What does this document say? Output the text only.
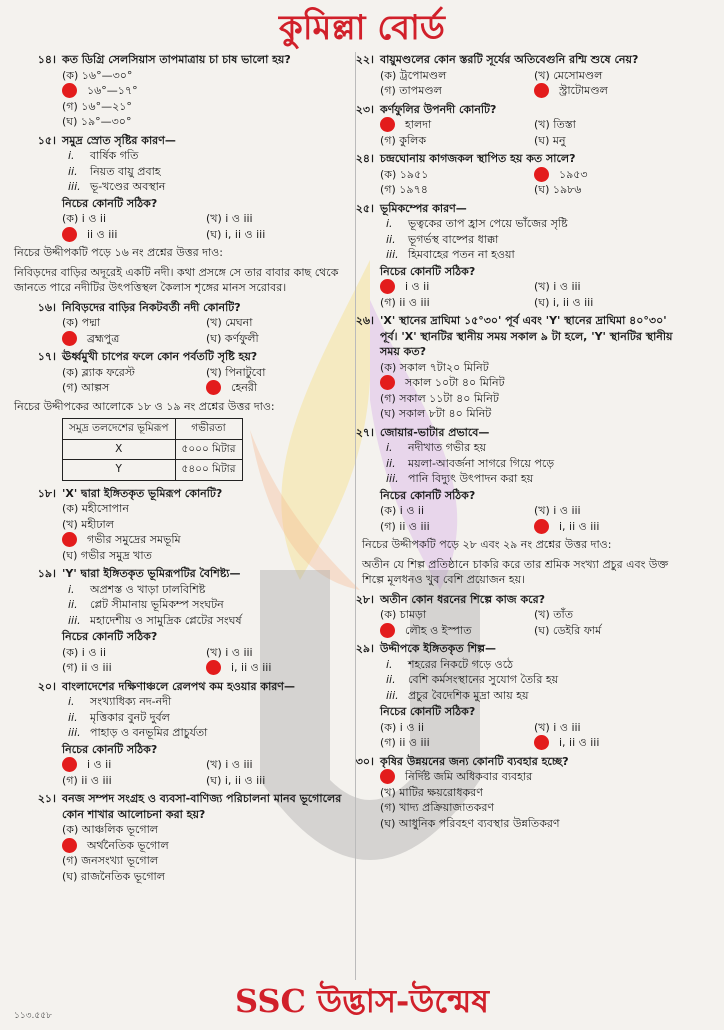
কুমিল্লা বোর্ড
১৪। কত ডিগ্রি সেলসিয়াস তাপমাত্রায় চা চাষ ভালো হয়?
(ক) ১৬°—৩০°
১৬°—১৭°
(গ) ১৬°—২১°
(ঘ) ১৯°—৩০°
১৫। সমুদ্র স্রোত সৃষ্টির কারণ—
i. বার্ষিক গতি
ii. নিয়ত বায়ু প্রবাহ
iii. ভূ-খণ্ডের অবস্থান
নিচের কোনটি সঠিক?
(ক) i ও ii	(খ) i ও iii
ii ও iii	(ঘ) i, ii ও iii
নিচের উদ্দীপকটি পড়ে ১৬ নং প্রশ্নের উত্তর দাও:
নিবিড়দের বাড়ির অদূরেই একটি নদী। কথা প্রসঙ্গে সে তার বাবার কাছ থেকে জানতে পারে নদীটির উৎপত্তিস্থল কৈলাস শৃঙ্গের মানস সরোবর।
১৬। নিবিড়দের বাড়ির নিকটবর্তী নদী কোনটি?
(ক) পদ্মা	(খ) মেঘনা
ব্রহ্মপুত্র	(ঘ) কর্ণফুলী
১৭। ঊর্ধ্বমুখী চাপের ফলে কোন পর্বতটি সৃষ্টি হয়?
(ক) ব্ল্যাক ফরেস্ট	(খ) পিনাটুবো
(গ) আল্পস	হেনরী
নিচের উদ্দীপকের আলোকে ১৮ ও ১৯ নং প্রশ্নের উত্তর দাও:
সমুদ্র তলদেশের ভূমিরূপ	গভীরতা
X	৫০০০ মিটার
Y	৫৪০০ মিটার
১৮। 'X' দ্বারা ইঙ্গিতকৃত ভূমিরূপ কোনটি?
(ক) মহীসোপান
(খ) মহীঢাল
গভীর সমুদ্রের সমভূমি
(ঘ) গভীর সমুদ্র খাত
১৯। 'Y' দ্বারা ইঙ্গিতকৃত ভূমিরূপটির বৈশিষ্ট্য—
i. অপ্রশস্ত ও খাড়া ঢালবিশিষ্ট
ii. প্লেট সীমানায় ভূমিকম্প সংঘটন
iii. মহাদেশীয় ও সামুদ্রিক প্লেটের সংঘর্ষ
নিচের কোনটি সঠিক?
(ক) i ও ii	(খ) i ও iii
(গ) ii ও iii	i, ii ও iii
২০। বাংলাদেশের দক্ষিণাঞ্চলে রেলপথ কম হওয়ার কারণ—
i. সংখ্যাধিক্য নদ-নদী
ii. মৃত্তিকার বুনট দুর্বল
iii. পাহাড় ও বনভূমির প্রাচুর্যতা
নিচের কোনটি সঠিক?
i ও ii	(খ) i ও iii
(গ) ii ও iii	(ঘ) i, ii ও iii
২১। বনজ সম্পদ সংগ্রহ ও ব্যবসা-বাণিজ্য পরিচালনা মানব ভূগোলের কোন শাখার আলোচনা করা হয়?
(ক) আঞ্চলিক ভূগোল
অর্থনৈতিক ভূগোল
(গ) জনসংখ্যা ভূগোল
(ঘ) রাজনৈতিক ভূগোল
২২। বায়ুমণ্ডলের কোন স্তরটি সূর্যের অতিবেগুনি রশ্মি শুষে নেয়?
(ক) ট্রপোমণ্ডল	(খ) মেসোমণ্ডল
(গ) তাপমণ্ডল	স্ট্রাটোমণ্ডল
২৩। কর্ণফুলির উপনদী কোনটি?
হালদা	(খ) তিস্তা
(গ) কুলিক	(ঘ) মনু
২৪। চন্দ্রঘোনায় কাগজকল স্থাপিত হয় কত সালে?
(ক) ১৯৫১	১৯৫৩
(গ) ১৯৭৪	(ঘ) ১৯৮৬
২৫। ভূমিকম্পের কারণ—
i. ভূত্বকের তাপ হ্রাস পেয়ে ভাঁজের সৃষ্টি
ii. ভূগর্ভস্থ বাষ্পের ধাক্কা
iii. হিমবাহের পতন না হওয়া
নিচের কোনটি সঠিক?
i ও ii	(খ) i ও iii
(গ) ii ও iii	(ঘ) i, ii ও iii
২৬। 'X' স্থানের দ্রাঘিমা ১৫°৩০' পূর্ব এবং 'Y' স্থানের দ্রাঘিমা ৪০°৩০' পূর্ব। 'X' স্থানটির স্থানীয় সময় সকাল ৯ টা হলে, 'Y' স্থানটির স্থানীয় সময় কত?
(ক) সকাল ৭টা২০ মিনিট
সকাল ১০টা ৪০ মিনিট
(গ) সকাল ১১টা ৪০ মিনিট
(ঘ) সকাল ৮টা ৪০ মিনিট
২৭। জোয়ার-ভাটার প্রভাবে—
i. নদীখাত গভীর হয়
ii. ময়লা-আবর্জনা সাগরে গিয়ে পড়ে
iii. পানি বিদ্যুৎ উৎপাদন করা হয়
নিচের কোনটি সঠিক?
(ক) i ও ii	(খ) i ও iii
(গ) ii ও iii	i, ii ও iii
নিচের উদ্দীপকটি পড়ে ২৮ এবং ২৯ নং প্রশ্নের উত্তর দাও:
অতীন যে শিল্প প্রতিষ্ঠানে চাকরি করে তার শ্রমিক সংখ্যা প্রচুর এবং উক্ত শিল্পে মূলধনও খুব বেশি প্রয়োজন হয়।
২৮। অতীন কোন ধরনের শিল্পে কাজ করে?
(ক) চামড়া	(খ) তাঁত
লৌহ ও ইস্পাত	(ঘ) ডেইরি ফার্ম
২৯। উদ্দীপকে ইঙ্গিতকৃত শিল্প—
i. শহরের নিকটে গড়ে ওঠে
ii. বেশি কর্মসংস্থানের সুযোগ তৈরি হয়
iii. প্রচুর বৈদেশিক মুদ্রা আয় হয়
নিচের কোনটি সঠিক?
(ক) i ও ii	(খ) i ও iii
(গ) ii ও iii	i, ii ও iii
৩০। কৃষির উন্নয়নের জন্য কোনটি ব্যবহার হচ্ছে?
নির্দিষ্ট জমি অধিকবার ব্যবহার
(খ) মাটির ক্ষয়রোধকরণ
(গ) খাদ্য প্রক্রিয়াজাতকরণ
(ঘ) আধুনিক পরিবহণ ব্যবস্থার উন্নতিকরণ
SSC উদ্ভাস-উন্মেষ
১১৩.৫৫৮
